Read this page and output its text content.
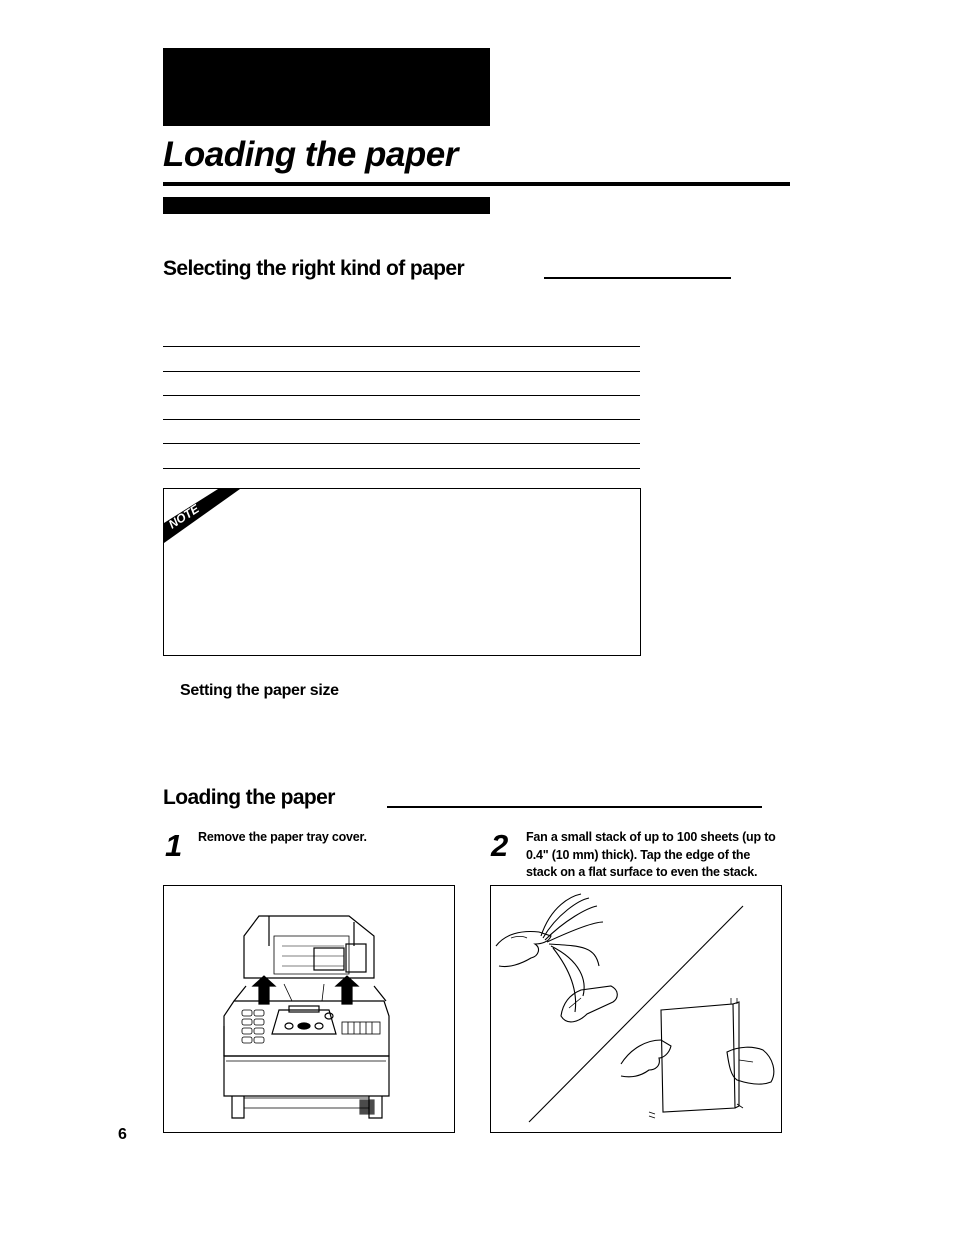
Loading the paper
Selecting the right kind of paper
NOTE
Setting the paper size
Loading the paper
1 Remove the paper tray cover.	2 Fan a small stack of up to 100 sheets (up to 0.4" (10 mm) thick). Tap the edge of the stack on a flat surface to even the stack.
6
